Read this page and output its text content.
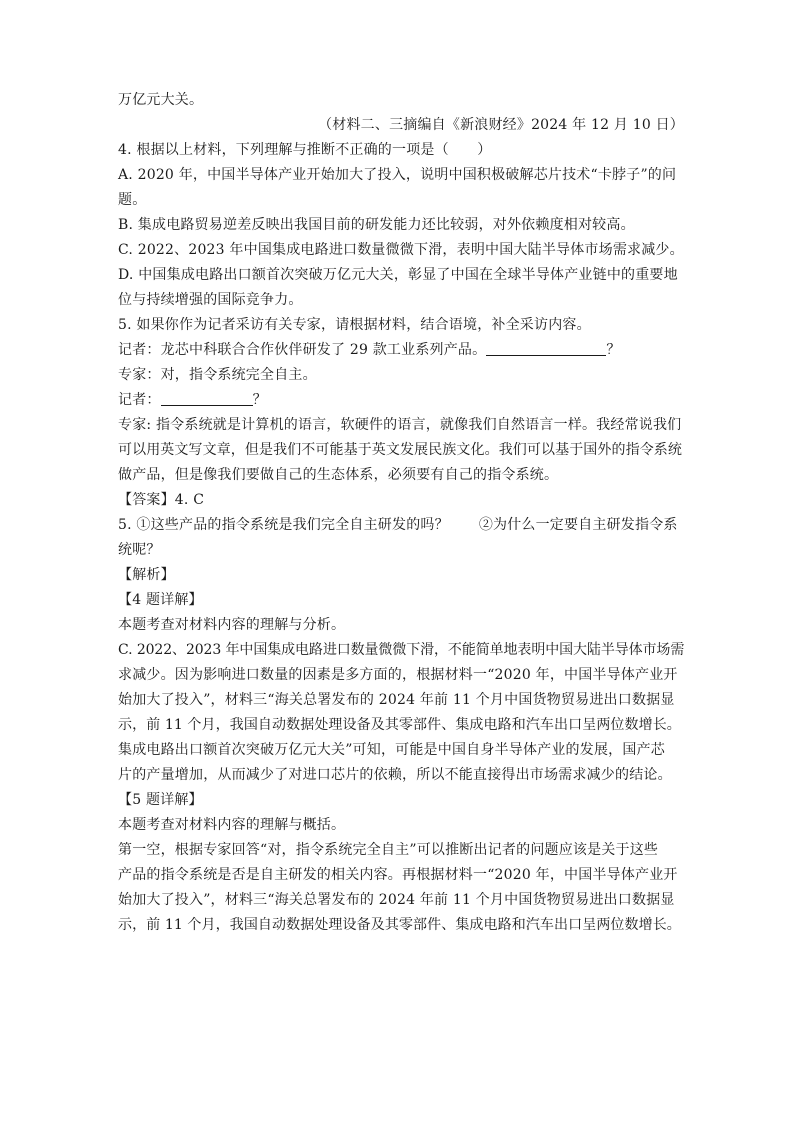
万亿元大关。
（材料二、三摘编自《新浪财经》2024 年 12 月 10 日）
4. 根据以上材料，下列理解与推断不正确的一项是（　　）
A. 2020 年，中国半导体产业开始加大了投入，说明中国积极破解芯片技术“卡脖子”的问
题。
B. 集成电路贸易逆差反映出我国目前的研发能力还比较弱，对外依赖度相对较高。
C. 2022、2023 年中国集成电路进口数量微微下滑，表明中国大陆半导体市场需求减少。
D. 中国集成电路出口额首次突破万亿元大关，彰显了中国在全球半导体产业链中的重要地
位与持续增强的国际竞争力。
5. 如果你作为记者采访有关专家，请根据材料，结合语境，补全采访内容。
记者：龙芯中科联合合作伙伴研发了 29 款工业系列产品。	？
专家：对，指令系统完全自主。
记者：	？
专家: 指令系统就是计算机的语言，软硬件的语言，就像我们自然语言一样。我经常说我们
可以用英文写文章，但是我们不可能基于英文发展民族文化。我们可以基于国外的指令系统
做产品，但是像我们要做自己的生态体系，必须要有自己的指令系统。
【答案】4. C
5. ①这些产品的指令系统是我们完全自主研发的吗？ ②为什么一定要自主研发指令系
统呢？
【解析】
【4 题详解】
本题考查对材料内容的理解与分析。
C. 2022、2023 年中国集成电路进口数量微微下滑，不能简单地表明中国大陆半导体市场需
求减少。因为影响进口数量的因素是多方面的，根据材料一“2020 年，中国半导体产业开
始加大了投入”，材料三“海关总署发布的 2024 年前 11 个月中国货物贸易进出口数据显
示，前 11 个月，我国自动数据处理设备及其零部件、集成电路和汽车出口呈两位数增长。
集成电路出口额首次突破万亿元大关”可知，可能是中国自身半导体产业的发展，国产芯
片的产量增加，从而减少了对进口芯片的依赖，所以不能直接得出市场需求减少的结论。
【5 题详解】
本题考查对材料内容的理解与概括。
第一空，根据专家回答“对，指令系统完全自主”可以推断出记者的问题应该是关于这些
产品的指令系统是否是自主研发的相关内容。再根据材料一“2020 年，中国半导体产业开
始加大了投入”，材料三“海关总署发布的 2024 年前 11 个月中国货物贸易进出口数据显
示，前 11 个月，我国自动数据处理设备及其零部件、集成电路和汽车出口呈两位数增长。
